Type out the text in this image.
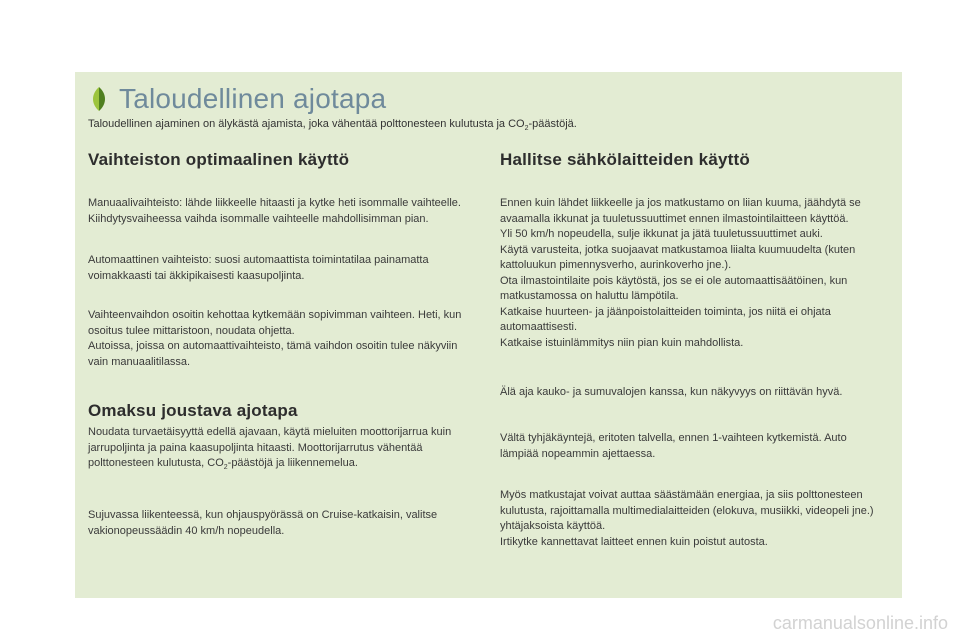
Taloudellinen ajotapa
Taloudellinen ajaminen on älykästä ajamista, joka vähentää polttonesteen kulutusta ja $CO_2$-päästöjä.
Vaihteiston optimaalinen käyttö

Manuaalivaihteisto: lähde liikkeelle hitaasti ja kytke heti isommalle vaihteelle. Kiihdytysvaiheessa vaihda isommalle vaihteelle mahdollisimman pian.

Automaattinen vaihteisto: suosi automaattista toimintatilaa painamatta voimakkaasti tai äkkipikaisesti kaasupoljinta.

Vaihteenvaihdon osoitin kehottaa kytkemään sopivimman vaihteen. Heti, kun osoitus tulee mittaristoon, noudata ohjetta.
Autoissa, joissa on automaattivaihteisto, tämä vaihdon osoitin tulee näkyviin vain manuaalitilassa.

Omaksu joustava ajotapa

Noudata turvaetäisyyttä edellä ajavaan, käytä mieluiten moottorijarrua kuin jarrupoljinta ja paina kaasupoljinta hitaasti. Moottorijarrutus vähentää polttonesteen kulutusta, $CO_2$-päästöjä ja liikennemelua.

Sujuvassa liikenteessä, kun ohjauspyörässä on Cruise-katkaisin, valitse vakionopeussäädin 40 km/h nopeudella.

Hallitse sähkölaitteiden käyttö

Ennen kuin lähdet liikkeelle ja jos matkustamo on liian kuuma, jäähdytä se avaamalla ikkunat ja tuuletussuuttimet ennen ilmastointilaitteen käyttöä.
Yli 50 km/h nopeudella, sulje ikkunat ja jätä tuuletussuuttimet auki.
Käytä varusteita, jotka suojaavat matkustamoa liialta kuumuudelta (kuten kattoluukun pimennysverho, aurinkoverho jne.).
Ota ilmastointilaite pois käytöstä, jos se ei ole automaattisäätöinen, kun matkustamossa on haluttu lämpötila.
Katkaise huurteen- ja jäänpoistolaitteiden toiminta, jos niitä ei ohjata automaattisesti.
Katkaise istuinlämmitys niin pian kuin mahdollista.

Älä aja kauko- ja sumuvalojen kanssa, kun näkyvyys on riittävän hyvä.

Vältä tyhjäkäyntejä, eritoten talvella, ennen 1-vaihteen kytkemistä. Auto lämpiää nopeammin ajettaessa.

Myös matkustajat voivat auttaa säästämään energiaa, ja siis polttonesteen kulutusta, rajoittamalla multimedialaitteiden (elokuva, musiikki, videopeli jne.) yhtäjaksoista käyttöä.
Irtikytke kannettavat laitteet ennen kuin poistut autosta.

carmanualsonline.info
